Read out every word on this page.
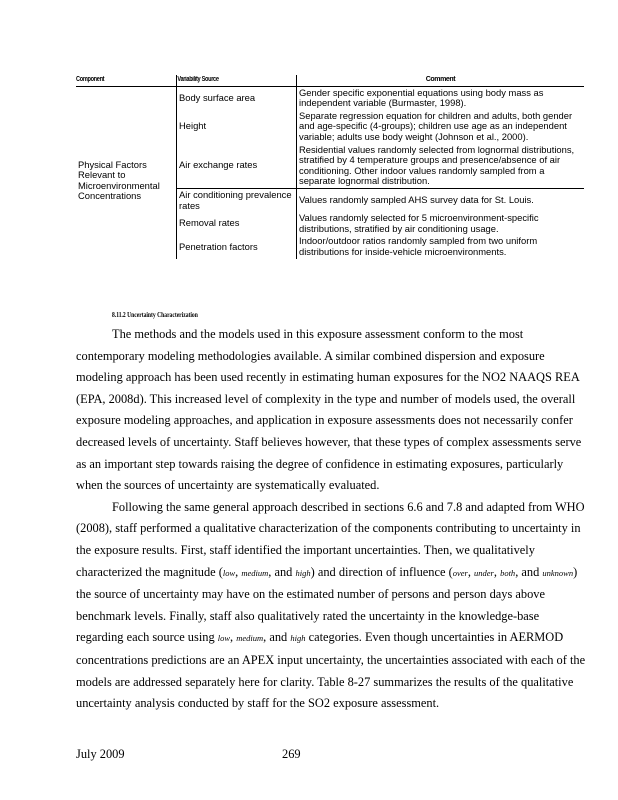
Component	Variability Source	Comment
	Body surface area	Gender specific exponential equations using body mass as independent variable (Burmaster, 1998).
	Height	Separate regression equation for children and adults, both gender and age-specific (4-groups); children use age as an independent variable; adults use body weight (Johnson et al., 2000).
Physical Factors Relevant to Microenvironmental Concentrations	Air exchange rates	Residential values randomly selected from lognormal distributions, stratified by 4 temperature groups and presence/absence of air conditioning. Other indoor values randomly sampled from a separate lognormal distribution.
	Air conditioning prevalence rates	Values randomly sampled AHS survey data for St. Louis.
	Removal rates	Values randomly selected for 5 microenvironment-specific distributions, stratified by air conditioning usage.
	Penetration factors	Indoor/outdoor ratios randomly sampled from two uniform distributions for inside-vehicle microenvironments.
8.11.2 Uncertainty Characterization

The methods and the models used in this exposure assessment conform to the most contemporary modeling methodologies available. A similar combined dispersion and exposure modeling approach has been used recently in estimating human exposures for the NO2 NAAQS REA (EPA, 2008d). This increased level of complexity in the type and number of models used, the overall exposure modeling approaches, and application in exposure assessments does not necessarily confer decreased levels of uncertainty. Staff believes however, that these types of complex assessments serve as an important step towards raising the degree of confidence in estimating exposures, particularly when the sources of uncertainty are systematically evaluated.

Following the same general approach described in sections 6.6 and 7.8 and adapted from WHO (2008), staff performed a qualitative characterization of the components contributing to uncertainty in the exposure results. First, staff identified the important uncertainties. Then, we qualitatively characterized the magnitude (low, medium, and high) and direction of influence (over, under, both, and unknown) the source of uncertainty may have on the estimated number of persons and person days above benchmark levels. Finally, staff also qualitatively rated the uncertainty in the knowledge-base regarding each source using low, medium, and high categories. Even though uncertainties in AERMOD concentrations predictions are an APEX input uncertainty, the uncertainties associated with each of the models are addressed separately here for clarity. Table 8-27 summarizes the results of the qualitative uncertainty analysis conducted by staff for the SO2 exposure assessment.

July 2009	269
